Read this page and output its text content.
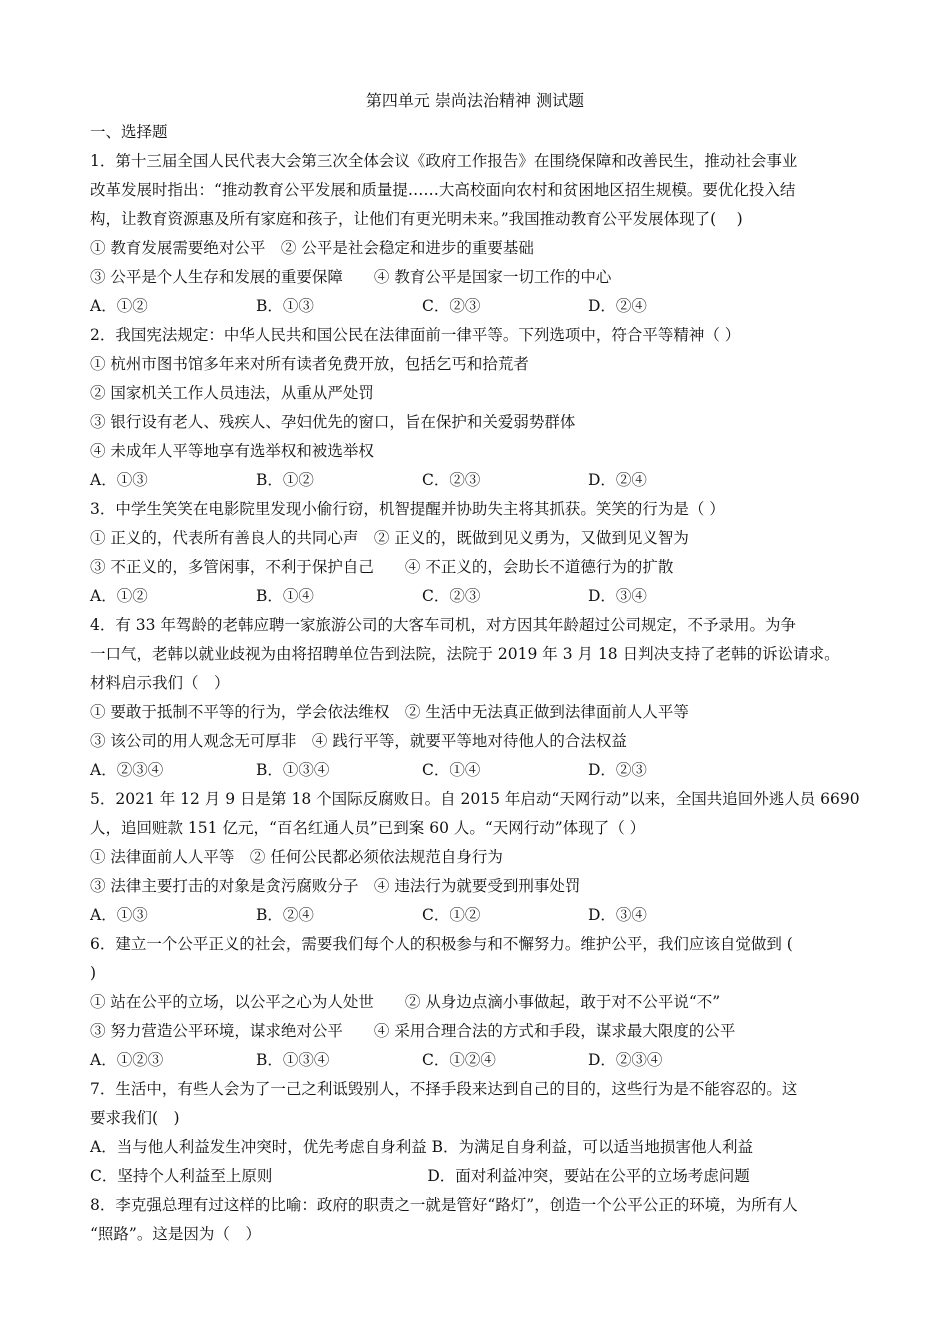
第四单元 崇尚法治精神 测试题
一、选择题
1．第十三届全国人民代表大会第三次全体会议《政府工作报告》在围绕保障和改善民生，推动社会事业
改革发展时指出：“推动教育公平发展和质量提……大高校面向农村和贫困地区招生规模。要优化投入结
构，让教育资源惠及所有家庭和孩子，让他们有更光明未来。”我国推动教育公平发展体现了(　 )
① 教育发展需要绝对公平　② 公平是社会稳定和进步的重要基础
③ 公平是个人生存和发展的重要保障　　④ 教育公平是国家一切工作的中心
A．①②	B．①③	C．②③	D．②④
2．我国宪法规定：中华人民共和国公民在法律面前一律平等。下列选项中，符合平等精神（ ）
① 杭州市图书馆多年来对所有读者免费开放，包括乞丐和拾荒者
② 国家机关工作人员违法，从重从严处罚
③ 银行设有老人、残疾人、孕妇优先的窗口，旨在保护和关爱弱势群体
④ 未成年人平等地享有选举权和被选举权
A．①③	B．①②	C．②③	D．②④
3．中学生笑笑在电影院里发现小偷行窃，机智提醒并协助失主将其抓获。笑笑的行为是（ ）
① 正义的，代表所有善良人的共同心声　② 正义的，既做到见义勇为，又做到见义智为
③ 不正义的，多管闲事，不利于保护自己　　④ 不正义的，会助长不道德行为的扩散
A．①②	B．①④	C．②③	D．③④
4．有 33 年驾龄的老韩应聘一家旅游公司的大客车司机，对方因其年龄超过公司规定，不予录用。为争
一口气，老韩以就业歧视为由将招聘单位告到法院，法院于 2019 年 3 月 18 日判决支持了老韩的诉讼请求。
材料启示我们（　）
① 要敢于抵制不平等的行为，学会依法维权　② 生活中无法真正做到法律面前人人平等
③ 该公司的用人观念无可厚非　④ 践行平等，就要平等地对待他人的合法权益
A．②③④	B．①③④	C．①④	D．②③
5．2021 年 12 月 9 日是第 18 个国际反腐败日。自 2015 年启动“天网行动”以来，全国共追回外逃人员 6690
人，追回赃款 151 亿元，“百名红通人员”已到案 60 人。“天网行动”体现了（ ）
① 法律面前人人平等　② 任何公民都必须依法规范自身行为
③ 法律主要打击的对象是贪污腐败分子　④ 违法行为就要受到刑事处罚
A．①③	B．②④	C．①②	D．③④
6．建立一个公平正义的社会，需要我们每个人的积极参与和不懈努力。维护公平，我们应该自觉做到 (
)
① 站在公平的立场，以公平之心为人处世　　② 从身边点滴小事做起，敢于对不公平说“不”
③ 努力营造公平环境，谋求绝对公平　　④ 采用合理合法的方式和手段，谋求最大限度的公平
A．①②③	B．①③④	C．①②④	D．②③④
7．生活中，有些人会为了一己之利诋毁别人，不择手段来达到自己的目的，这些行为是不能容忍的。这
要求我们(　)
A．当与他人利益发生冲突时，优先考虑自身利益 B．为满足自身利益，可以适当地损害他人利益
C．坚持个人利益至上原则　　　　　　　　　　D．面对利益冲突，要站在公平的立场考虑问题
8．李克强总理有过这样的比喻：政府的职责之一就是管好“路灯”，创造一个公平公正的环境，为所有人
“照路”。这是因为（　）
